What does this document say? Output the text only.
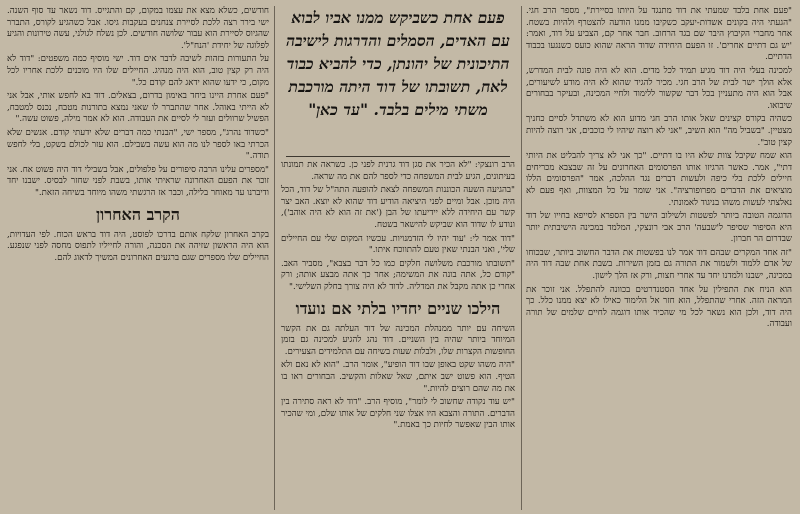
"פעם אחת בלבד שמעתי את דוד מתנגד על היותו בסיירת", מספר הרב חגי. "הגעתי היה בקונים אשדות-יעקב כשקיבו ממנו הודעה להצטרף ולהיות בשטח. אחר מחברי הקיבוץ היבר שם בגד הרחוב. חבר אחר קם, הצביע על דוד, ואמר: 'יש גם דתיים אחרים'. זו הפעם היחידה שדוד הראה שהוא כועס כשנגעו בכבוד הדתיים.

למכינה בעלי היה דוד מגיע תמיד לכל מדים. הוא לא היה פונה לבית המדרש, אלא הולך ישר לבית של הרב חגי. מכיר להגיד שהוא לא היה מודע לשיעורים, אבל הוא היה מתעניין בכל דבר שקשור ללימוד ולחיי המכינה, ובעיקר בבחורים שיבואו.

כשהיה בקורס קצינים שאל אותו הרב חגי מדוע הוא לא משתדל לסיים כחניך מצטיין. "בשביל מה" הוא השיב, "אני לא רוצה שיהיו לי כוכבים, אני רוצה להיות קצין טוב".

הוא שמח שקיבל צוות שלא היו בו דתיים. "כך אני לא צריך להבליט את היותי דתי", אמר. כאשר הרגיזו אותו הפרסומים האחרונים על זה שבצבא מכריחים חיילים ללכת בלי כיפה ולעשות דברים נגד ההלכה, אמר "הפרסומים הללו מוציאים את הדברים מפרופורציה". אני שומר על כל המצוות, ואף פעם לא נאלצתי לעשות משהו בניגוד לאמונתי.

הדוגמה הטובה ביותר לפשטות ולשילוב הישר בין הספרא לסייפא בחייו של דוד היא הסיפור שסיפר ל'שבעה' הרב אבי רונצקי, המלמד במכינה הישיבתית יותר שבדרום הר חברון.

"זה אחד המקרים שבהם דוד אמר לנו בפשטות את הדבר החשוב ביותר, שבכוחו של אדם ללמוד ולשמור את התורה גם בזמן השירות. בשבת אחת שבה דוד היה במכינה, ישבנו ולמדנו יחד עד אחרי חצות, ורק אז הלך לישון.

הוא הניח את התפילין על אחד הסטנדרטים בכוונה להתפלל. אני זוכר את המראה הזה. אחרי שהתפלל, הוא חזר אל הלימוד כאילו לא יצא ממנו כלל. כך היה דוד, ולכן הוא נשאר לכל מי שהכיר אותו דוגמה לחיים שלמים של תורה ועבודה.

פעם אחת כשביקש ממנו אביו לבוא עם האדים, הסמלים והדרגות לישיבה התיכונית של יהונתן, כדי להביא כבוד לאח, תשובתו של דוד היתה מורכבת משתי מילים בלבד. "עד כאן"

הרב רונצקי: "לא הכיר את סגן דוד גרנית לפני כן. כשראה את תמונתו בעיתונים, הגיע לבית המשפחה כדי לספר להם את מה שראה.

"בהגיעה השעה הכוננות המשפחה לצאת להופעה התה"ל של דוד, הכל היה מוכן. אבל ומיים לפני היציאה הודיע דוד שהוא לא יוצא. האב יצר קשר עם היחידה ללא יידיעתו של הבן ('את זה הוא לא היה אוהב'), ונודע לו שדוד הוא שביקש להישאר בשטח.

"דוד אמר לי: 'עוד יהיו לי הזדמנויות. עכשיו המקום שלי עם החיילים שלי', ואני הבנתי שאין טעם להתווכח איתו."

"תשובתו מורכבת משלושה חלקים כמו כל דבר בצבא", מסביר האב. "קודם כל, אתה בונה את המשימה; אחר כך אתה מבצע אותה; ורק אחרי כן אתה מקבל את המדליה. לדוד לא היה צורך בחלק השלישי."

הילכו שניים יחדיו בלתי אם נועדו

השיחה עם יותר ממנהלת המכינה של דוד העלתה גם את הקשר המיוחד ביותר שהיה בין השניים. דוד נהג להגיע למכינה גם בזמן החופשות הקצרות שלו, ולבלות שעות בשיחה עם התלמידים הצעירים.

"היה משהו שקט באופן שבו דוד הופיע", אומר הרב. "הוא לא נאם ולא הטיף. הוא פשוט ישב איתם, שאל שאלות והקשיב. הבחורים ראו בו את מה שהם רוצים להיות."

"יש עוד נקודה שחשוב לי לומר", מוסיף הרב. "דוד לא ראה סתירה בין הדברים. התורה והצבא היו אצלו שני חלקים של אותו שלם, ומי שהכיר אותו הבין שאפשר לחיות כך באמת."

חודשים, כשלא מצא את עצמו במקום, קם והתגייס. דוד נשאר עד סוף השנה. ישי בירר רצה ללכת לסיירת צנחנים בעקבות גיסו. אבל כשהגיע לקורס, התברר שהגיוס לסיירת הוא עבור שלושה חודשים. לכן נשלח לגולני, עשה טירונות והגיע לפלוגה של יחידת 'הנח"ל'.

על התעורות בזהות לשיבה לדבר אים דוד. ישי מוסיף כמה משפטים: "דוד לא היה רק קצין טוב, הוא היה מנהיג. החיילים שלו היו מוכנים ללכת אחריו לכל מקום, כי ידעו שהוא ידאג להם קודם כל."

"פעם אחרת היינו ביחד באימון בדרום, בצאלים. דוד בא לחפש אותי, אבל אני לא הייתי באוהל. אחר שהתברר לו שאני נמצא בתורנות מטבח, נכנס למטבח, הפשיל שרוולים ועזר לי לסיים את העבודה. הוא לא אמר מילה, פשוט עשה."

"כשדוד נהרג", מספר ישי, "הבנתי כמה דברים שלא ידעתי קודם. אנשים שלא הכרתי באו לספר לנו מה הוא עשה בשבילם. הוא עזר לכולם בשקט, בלי לחפש תודה."

"מספרים עלינו הרבה סיפורים על פלפולים, אבל בשבילי דוד היה פשוט אח. אני זוכר את הפעם האחרונה שראיתי אותו, בשבת לפני שחזר לבסיס. ישבנו יחד ודיברנו עד מאוחר בלילה, וכבר אז הרגשתי משהו מיוחד בשיחה הזאת."

הקרב האחרון

בקרב האחרון שלקח אותם בדרכו לפוסט, היה דוד בראש הכוח. לפי העדויות, הוא היה הראשון שזיהה את הסכנה, והורה לחייליו לתפוס מחסה לפני שנפגע. החיילים שלו מספרים שגם ברגעים האחרונים המשיך לדאוג להם.
